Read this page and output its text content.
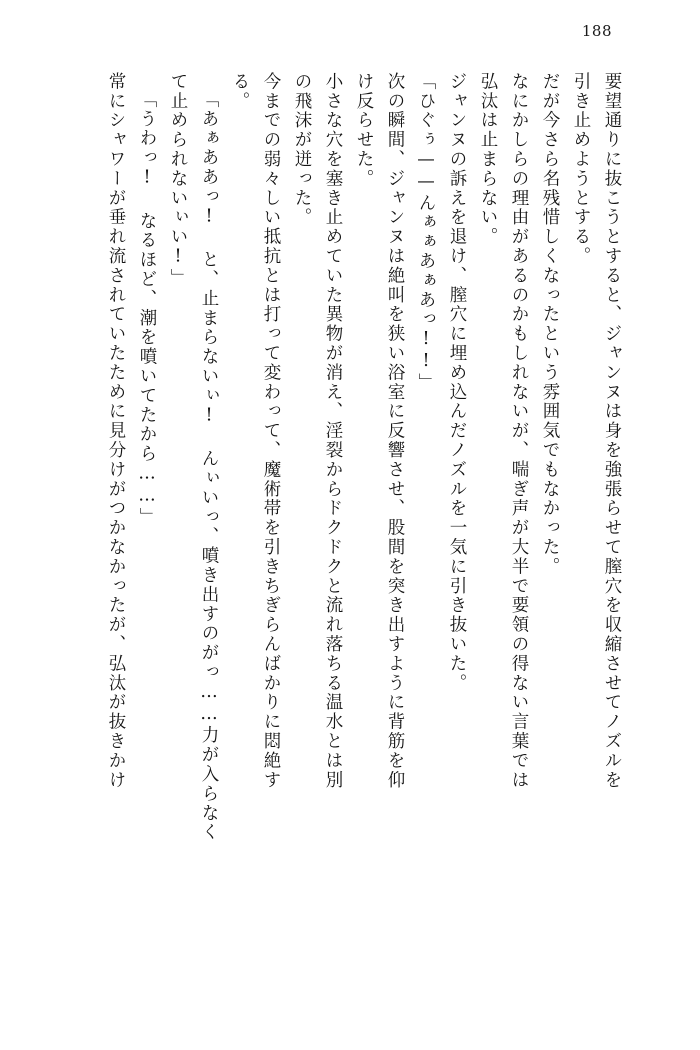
188
要望通りに抜こうとすると、ジャンヌは身を強張らせて膣穴を収縮させてノズルを
引き止めようとする。
だが今さら名残惜しくなったという雰囲気でもなかった。
なにかしらの理由があるのかもしれないが、喘ぎ声が大半で要領の得ない言葉では
弘汰は止まらない。
ジャンヌの訴えを退け、膣穴に埋め込んだノズルを一気に引き抜いた。
「ひぐぅ——んぁぁあぁあっ!!」
次の瞬間、ジャンヌは絶叫を狭い浴室に反響させ、股間を突き出すように背筋を仰
け反らせた。
小さな穴を塞き止めていた異物が消え、淫裂からドクドクと流れ落ちる温水とは別
の飛沫が迸った。
今までの弱々しい抵抗とは打って変わって、魔術帯を引きちぎらんばかりに悶絶す
る。
「あぁああっ! と、止まらないぃ! んぃいっ、噴き出すのがっ……力が入らなく
て止められないぃい!」
「うわっ! なるほど、潮を噴いてたから……」
常にシャワーが垂れ流されていたために見分けがつかなかったが、弘汰が抜きかけ
